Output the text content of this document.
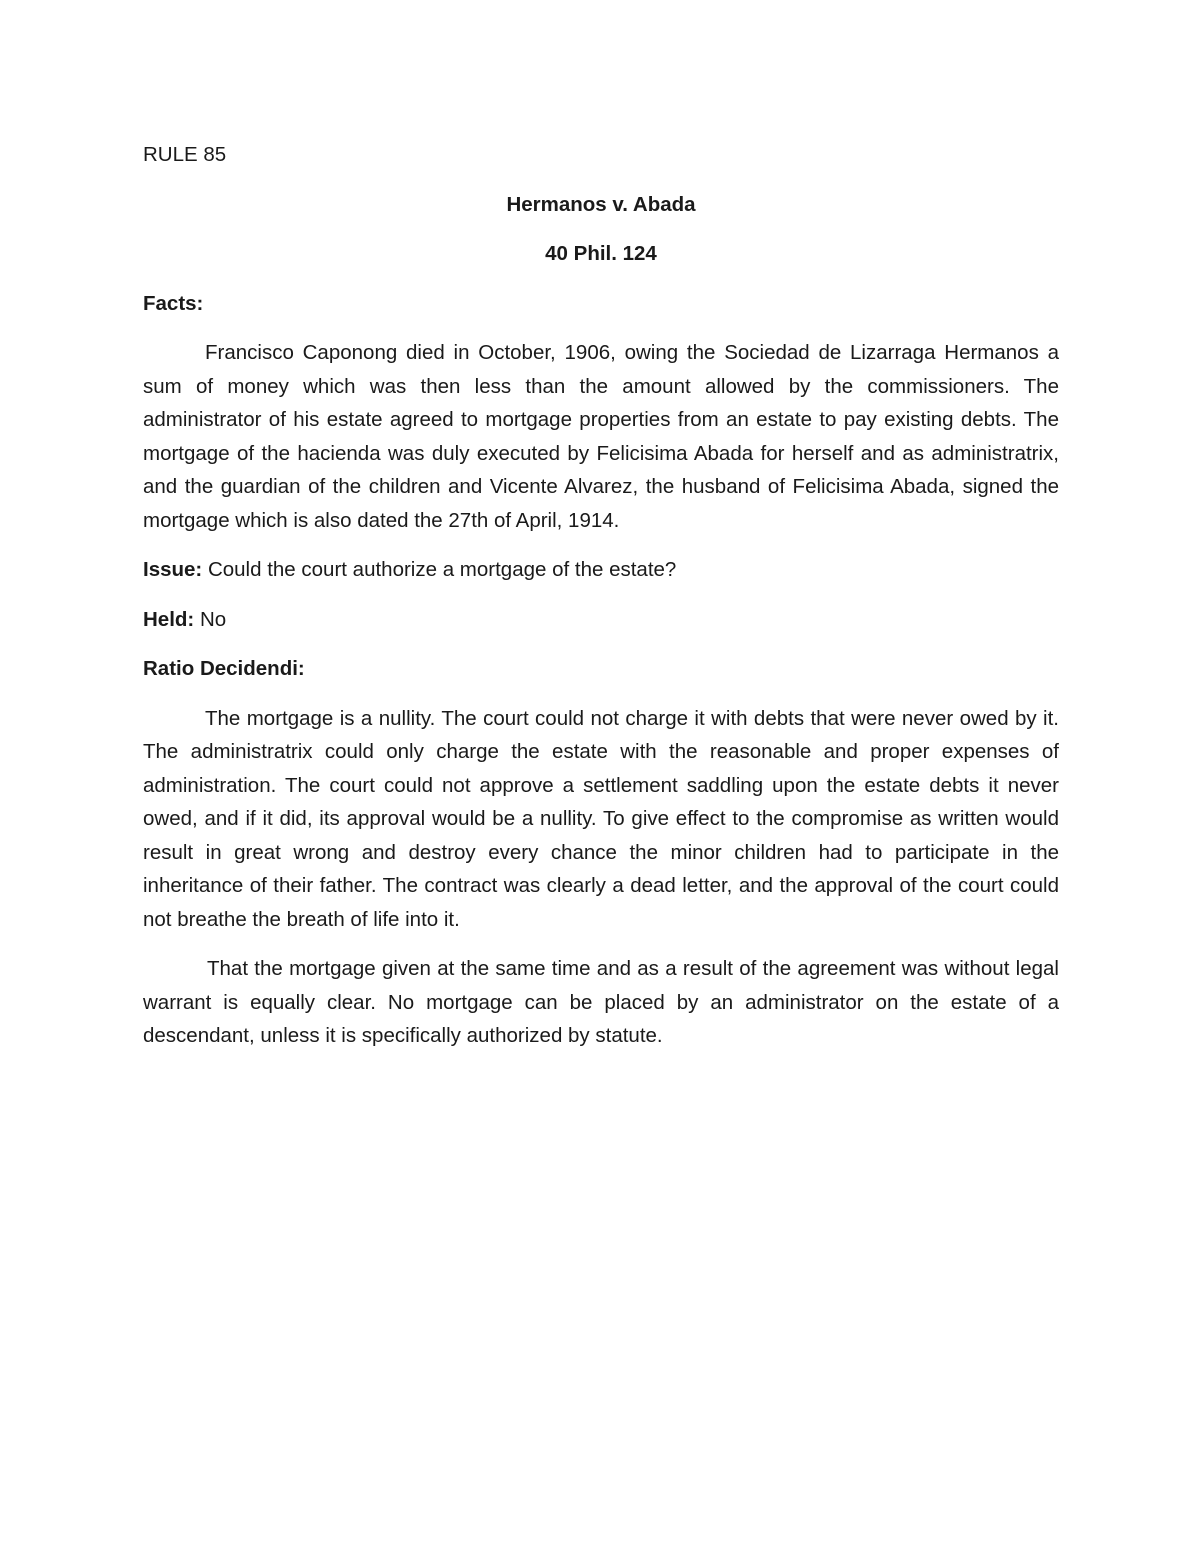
RULE 85
Hermanos v. Abada
40 Phil. 124
Facts:
Francisco Caponong died in October, 1906, owing the Sociedad de Lizarraga Hermanos a sum of money which was then less than the amount allowed by the commissioners. The administrator of his estate agreed to mortgage properties from an estate to pay existing debts. The mortgage of the hacienda was duly executed by Felicisima Abada for herself and as administratrix, and the guardian of the children and Vicente Alvarez, the husband of Felicisima Abada, signed the mortgage which is also dated the 27th of April, 1914.
Issue: Could the court authorize a mortgage of the estate?
Held: No
Ratio Decidendi:
The mortgage is a nullity. The court could not charge it with debts that were never owed by it. The administratrix could only charge the estate with the reasonable and proper expenses of administration. The court could not approve a settlement saddling upon the estate debts it never owed, and if it did, its approval would be a nullity. To give effect to the compromise as written would result in great wrong and destroy every chance the minor children had to participate in the inheritance of their father. The contract was clearly a dead letter, and the approval of the court could not breathe the breath of life into it.
That the mortgage given at the same time and as a result of the agreement was without legal warrant is equally clear. No mortgage can be placed by an administrator on the estate of a descendant, unless it is specifically authorized by statute.
